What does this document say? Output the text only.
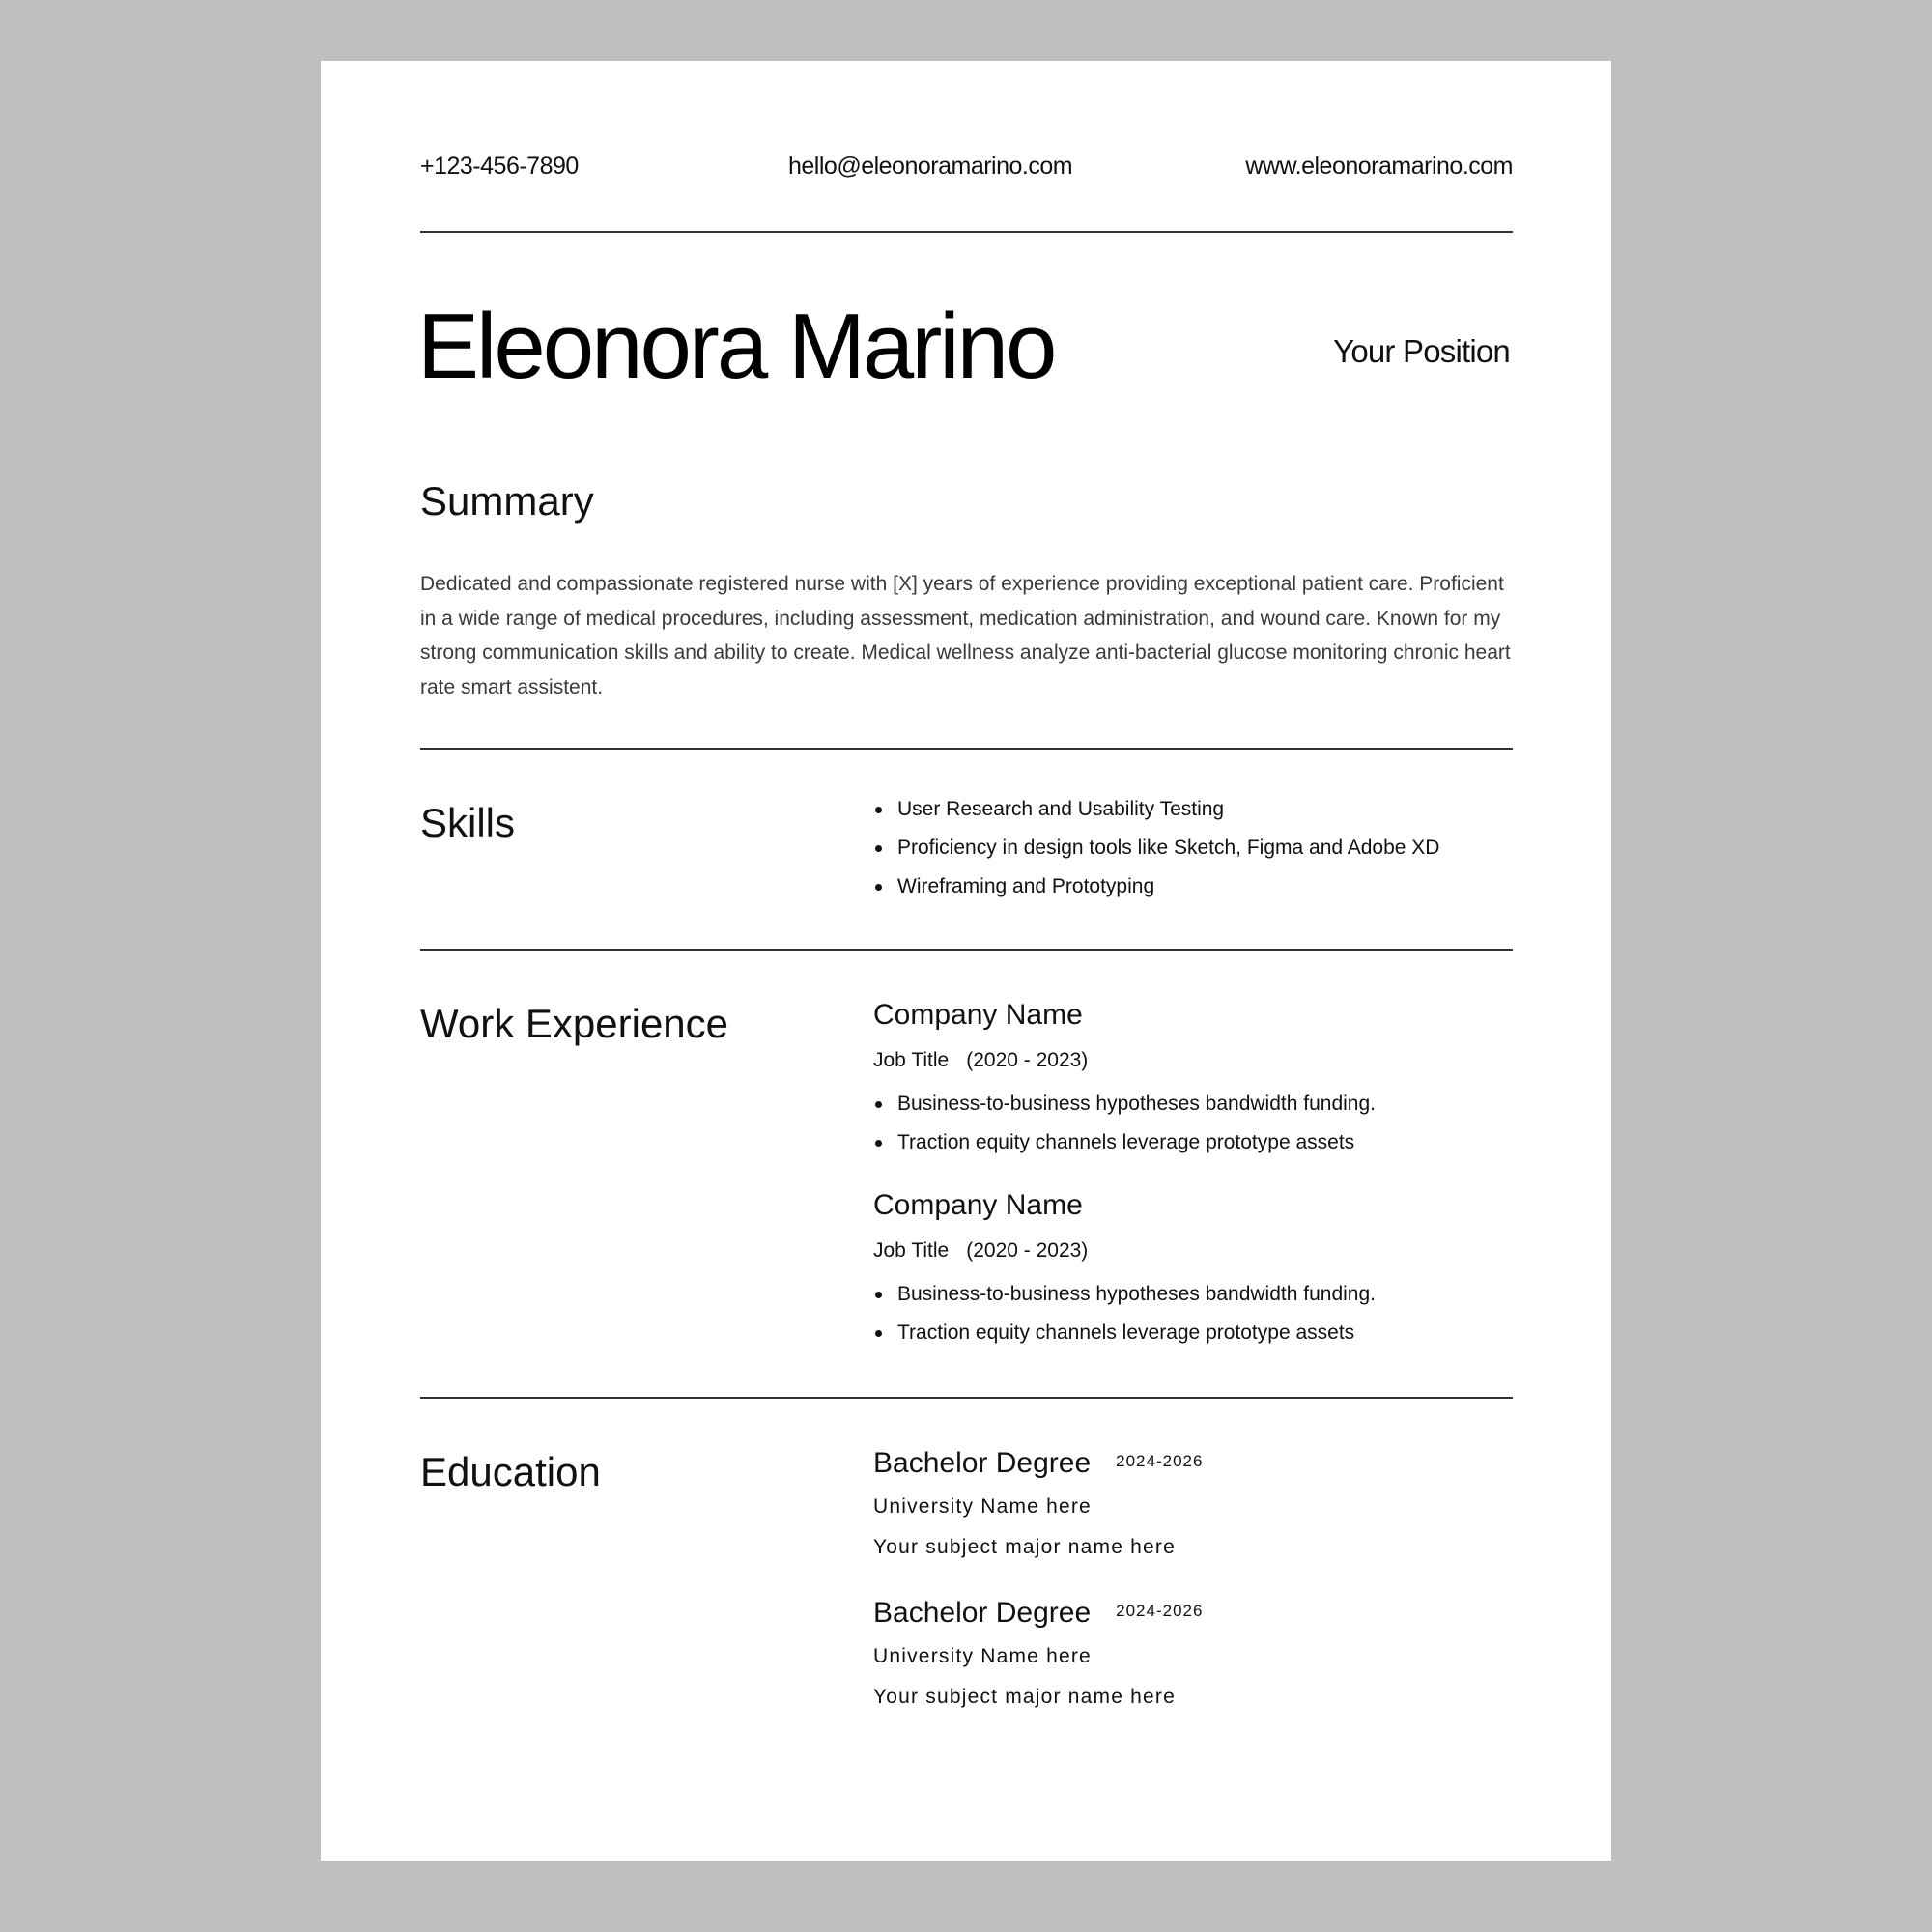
+123-456-7890	hello@eleonoramarino.com	www.eleonoramarino.com
Eleonora Marino	Your Position
Summary
Dedicated and compassionate registered nurse with [X] years of experience providing exceptional patient care. Proficient in a wide range of medical procedures, including assessment, medication administration, and wound care. Known for my strong communication skills and ability to create. Medical wellness analyze anti-bacterial glucose monitoring chronic heart rate smart assistent.
Skills	User Research and Usability Testing
Proficiency in design tools like Sketch, Figma and Adobe XD
Wireframing and Prototyping
Work Experience	Company Name
Job Title (2020 - 2023)
Business-to-business hypotheses bandwidth funding.
Traction equity channels leverage prototype assets
Company Name
Job Title (2020 - 2023)
Business-to-business hypotheses bandwidth funding.
Traction equity channels leverage prototype assets
Education	Bachelor Degree $^{2024-2026}$
University Name here
Your subject major name here
Bachelor Degree $^{2024-2026}$
University Name here
Your subject major name here
